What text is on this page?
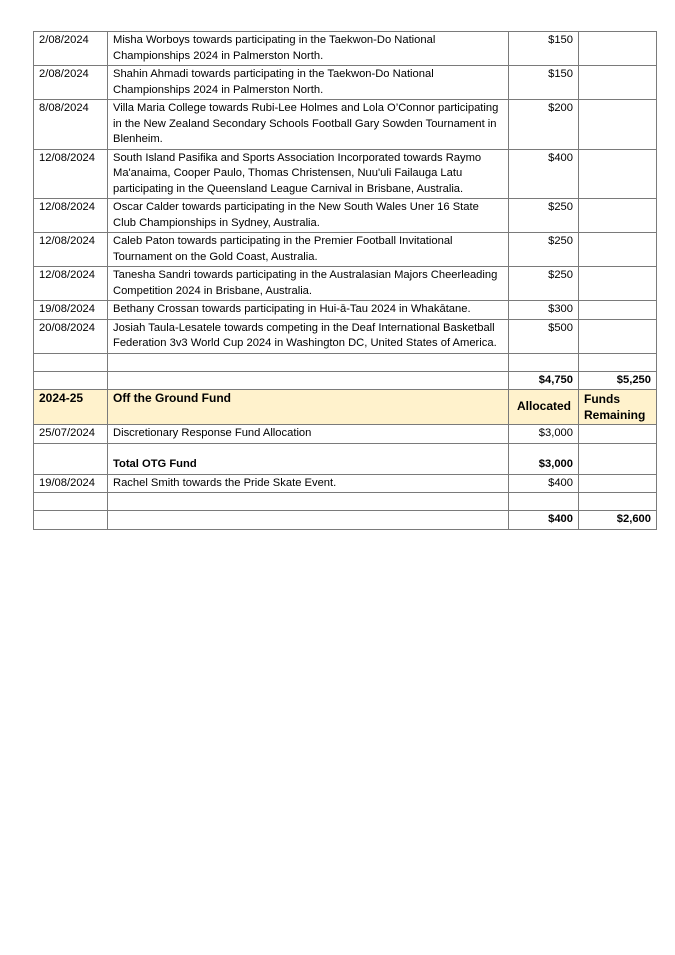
2/08/2024	Misha Worboys towards participating in the Taekwon-Do National Championships 2024 in Palmerston North.	$150	
2/08/2024	Shahin Ahmadi towards participating in the Taekwon-Do National Championships 2024 in Palmerston North.	$150	
8/08/2024	Villa Maria College towards Rubi-Lee Holmes and Lola O’Connor participating in the New Zealand Secondary Schools Football Gary Sowden Tournament in Blenheim.	$200	
12/08/2024	South Island Pasifika and Sports Association Incorporated towards Raymo Ma'anaima, Cooper Paulo, Thomas Christensen, Nuu'uli Failauga Latu participating in the Queensland League Carnival in Brisbane, Australia.	$400	
12/08/2024	Oscar Calder towards participating in the New South Wales Uner 16 State Club Championships in Sydney, Australia.	$250	
12/08/2024	Caleb Paton towards participating in the Premier Football Invitational Tournament on the Gold Coast, Australia.	$250	
12/08/2024	Tanesha Sandri towards participating in the Australasian Majors Cheerleading Competition 2024 in Brisbane, Australia.	$250	
19/08/2024	Bethany Crossan towards participating in Hui-ā-Tau 2024 in Whakātane.	$300	
20/08/2024	Josiah Taula-Lesatele towards competing in the Deaf International Basketball Federation 3v3 World Cup 2024 in Washington DC, United States of America.	$500	

		$4,750	$5,250
2024-25	Off the Ground Fund	Allocated	Funds Remaining
25/07/2024	Discretionary Response Fund Allocation	$3,000	
	Total OTG Fund	$3,000	
19/08/2024	Rachel Smith towards the Pride Skate Event.	$400	

		$400	$2,600
